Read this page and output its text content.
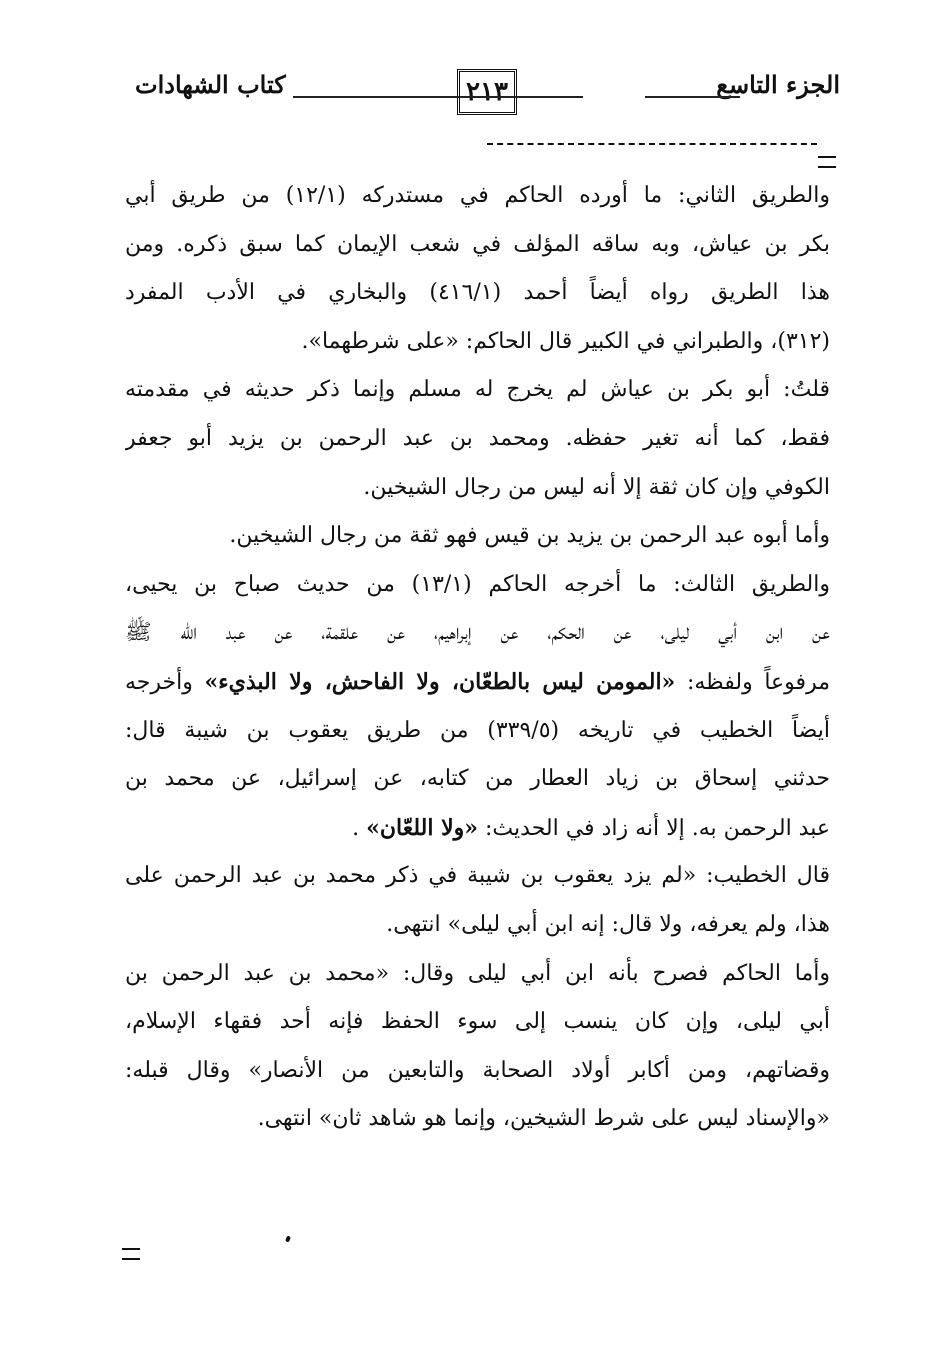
الجزء التاسع
٢١٣
كتاب الشهادات
والطريق الثاني: ما أورده الحاكم في مستدركه (١٢/١) من طريق أبي
بكر بن عياش، وبه ساقه المؤلف في شعب الإيمان كما سبق ذكره. ومن
هذا الطريق رواه أيضاً أحمد (٤١٦/١) والبخاري في الأدب المفرد
(٣١٢)، والطبراني في الكبير قال الحاكم: «على شرطهما».
قلتُ: أبو بكر بن عياش لم يخرج له مسلم وإنما ذكر حديثه في مقدمته
فقط، كما أنه تغير حفظه. ومحمد بن عبد الرحمن بن يزيد أبو جعفر
الكوفي وإن كان ثقة إلا أنه ليس من رجال الشيخين.
وأما أبوه عبد الرحمن بن يزيد بن قيس فهو ثقة من رجال الشيخين.
والطريق الثالث: ما أخرجه الحاكم (١٣/١) من حديث صباح بن يحيى،
عن ابن أبي ليلى، عن الحكم، عن إبراهيم، عن علقمة، عن عبد الله ﷺ
مرفوعاً ولفظه: «المومن ليس بالطعّان، ولا الفاحش، ولا البذيء» وأخرجه
أيضاً الخطيب في تاريخه (٣٣٩/٥) من طريق يعقوب بن شيبة قال:
حدثني إسحاق بن زياد العطار من كتابه، عن إسرائيل، عن محمد بن
عبد الرحمن به. إلا أنه زاد في الحديث: «ولا اللعّان» .
قال الخطيب: «لم يزد يعقوب بن شيبة في ذكر محمد بن عبد الرحمن على
هذا، ولم يعرفه، ولا قال: إنه ابن أبي ليلى» انتهى.
وأما الحاكم فصرح بأنه ابن أبي ليلى وقال: «محمد بن عبد الرحمن بن
أبي ليلى، وإن كان ينسب إلى سوء الحفظ فإنه أحد فقهاء الإسلام،
وقضاتهم، ومن أكابر أولاد الصحابة والتابعين من الأنصار» وقال قبله:
«والإسناد ليس على شرط الشيخين، وإنما هو شاهد ثان» انتهى.
